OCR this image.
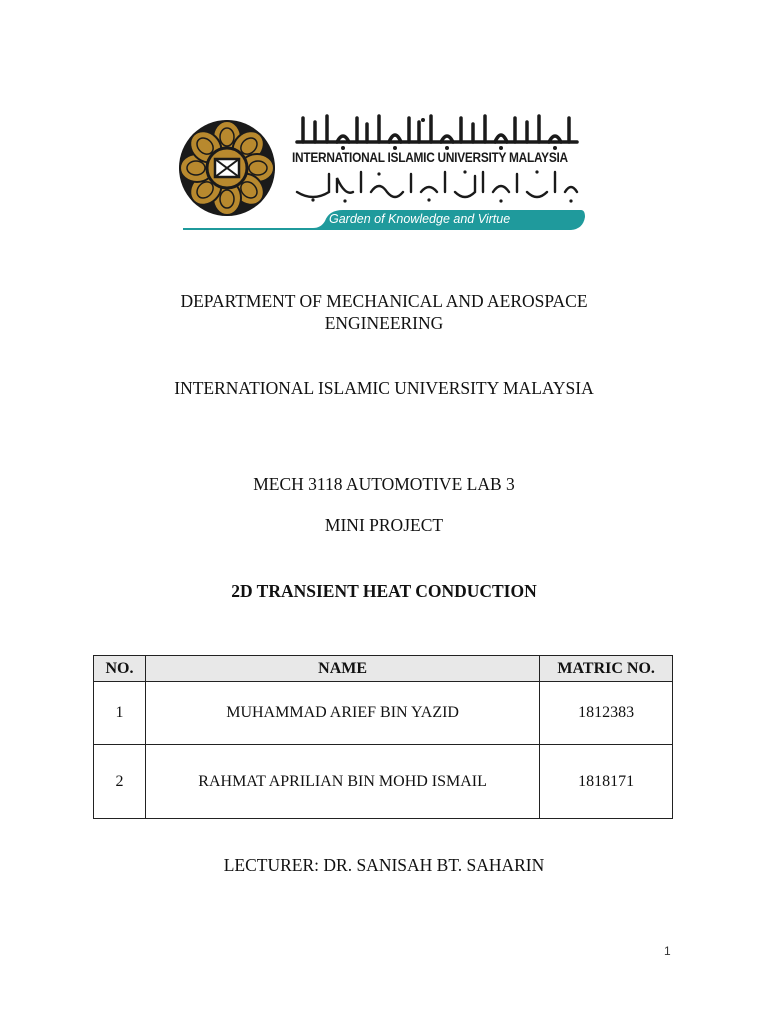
INTERNATIONAL ISLAMIC UNIVERSITY MALAYSIA
Garden of Knowledge and Virtue
DEPARTMENT OF MECHANICAL AND AEROSPACE
ENGINEERING
INTERNATIONAL ISLAMIC UNIVERSITY MALAYSIA
MECH 3118 AUTOMOTIVE LAB 3
MINI PROJECT
2D TRANSIENT HEAT CONDUCTION
NO.	NAME	MATRIC NO.
1	MUHAMMAD ARIEF BIN YAZID	1812383
2	RAHMAT APRILIAN BIN MOHD ISMAIL	1818171
LECTURER: DR. SANISAH BT. SAHARIN
1
